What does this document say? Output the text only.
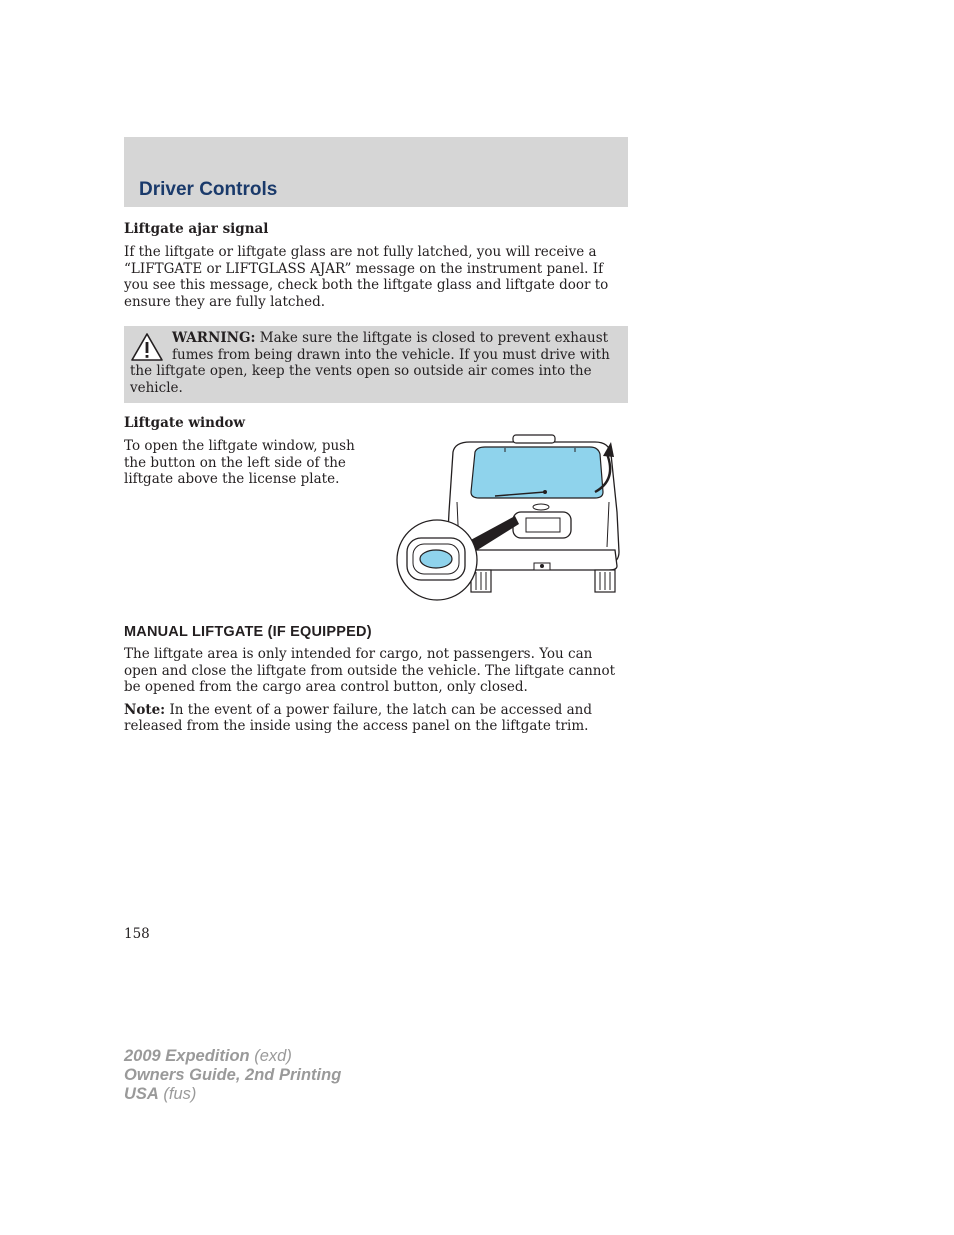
Driver Controls
Liftgate ajar signal

If the liftgate or liftgate glass are not fully latched, you will receive a “LIFTGATE or LIFTGLASS AJAR” message on the instrument panel. If you see this message, check both the liftgate glass and liftgate door to ensure they are fully latched.

WARNING: Make sure the liftgate is closed to prevent exhaust fumes from being drawn into the vehicle. If you must drive with the liftgate open, keep the vents open so outside air comes into the vehicle.
Liftgate window
To open the liftgate window, push the button on the left side of the liftgate above the license plate.
MANUAL LIFTGATE (IF EQUIPPED)

The liftgate area is only intended for cargo, not passengers. You can open and close the liftgate from outside the vehicle. The liftgate cannot be opened from the cargo area control button, only closed.

Note: In the event of a power failure, the latch can be accessed and released from the inside using the access panel on the liftgate trim.

158
2009 Expedition (exd)
Owners Guide, 2nd Printing
USA (fus)
